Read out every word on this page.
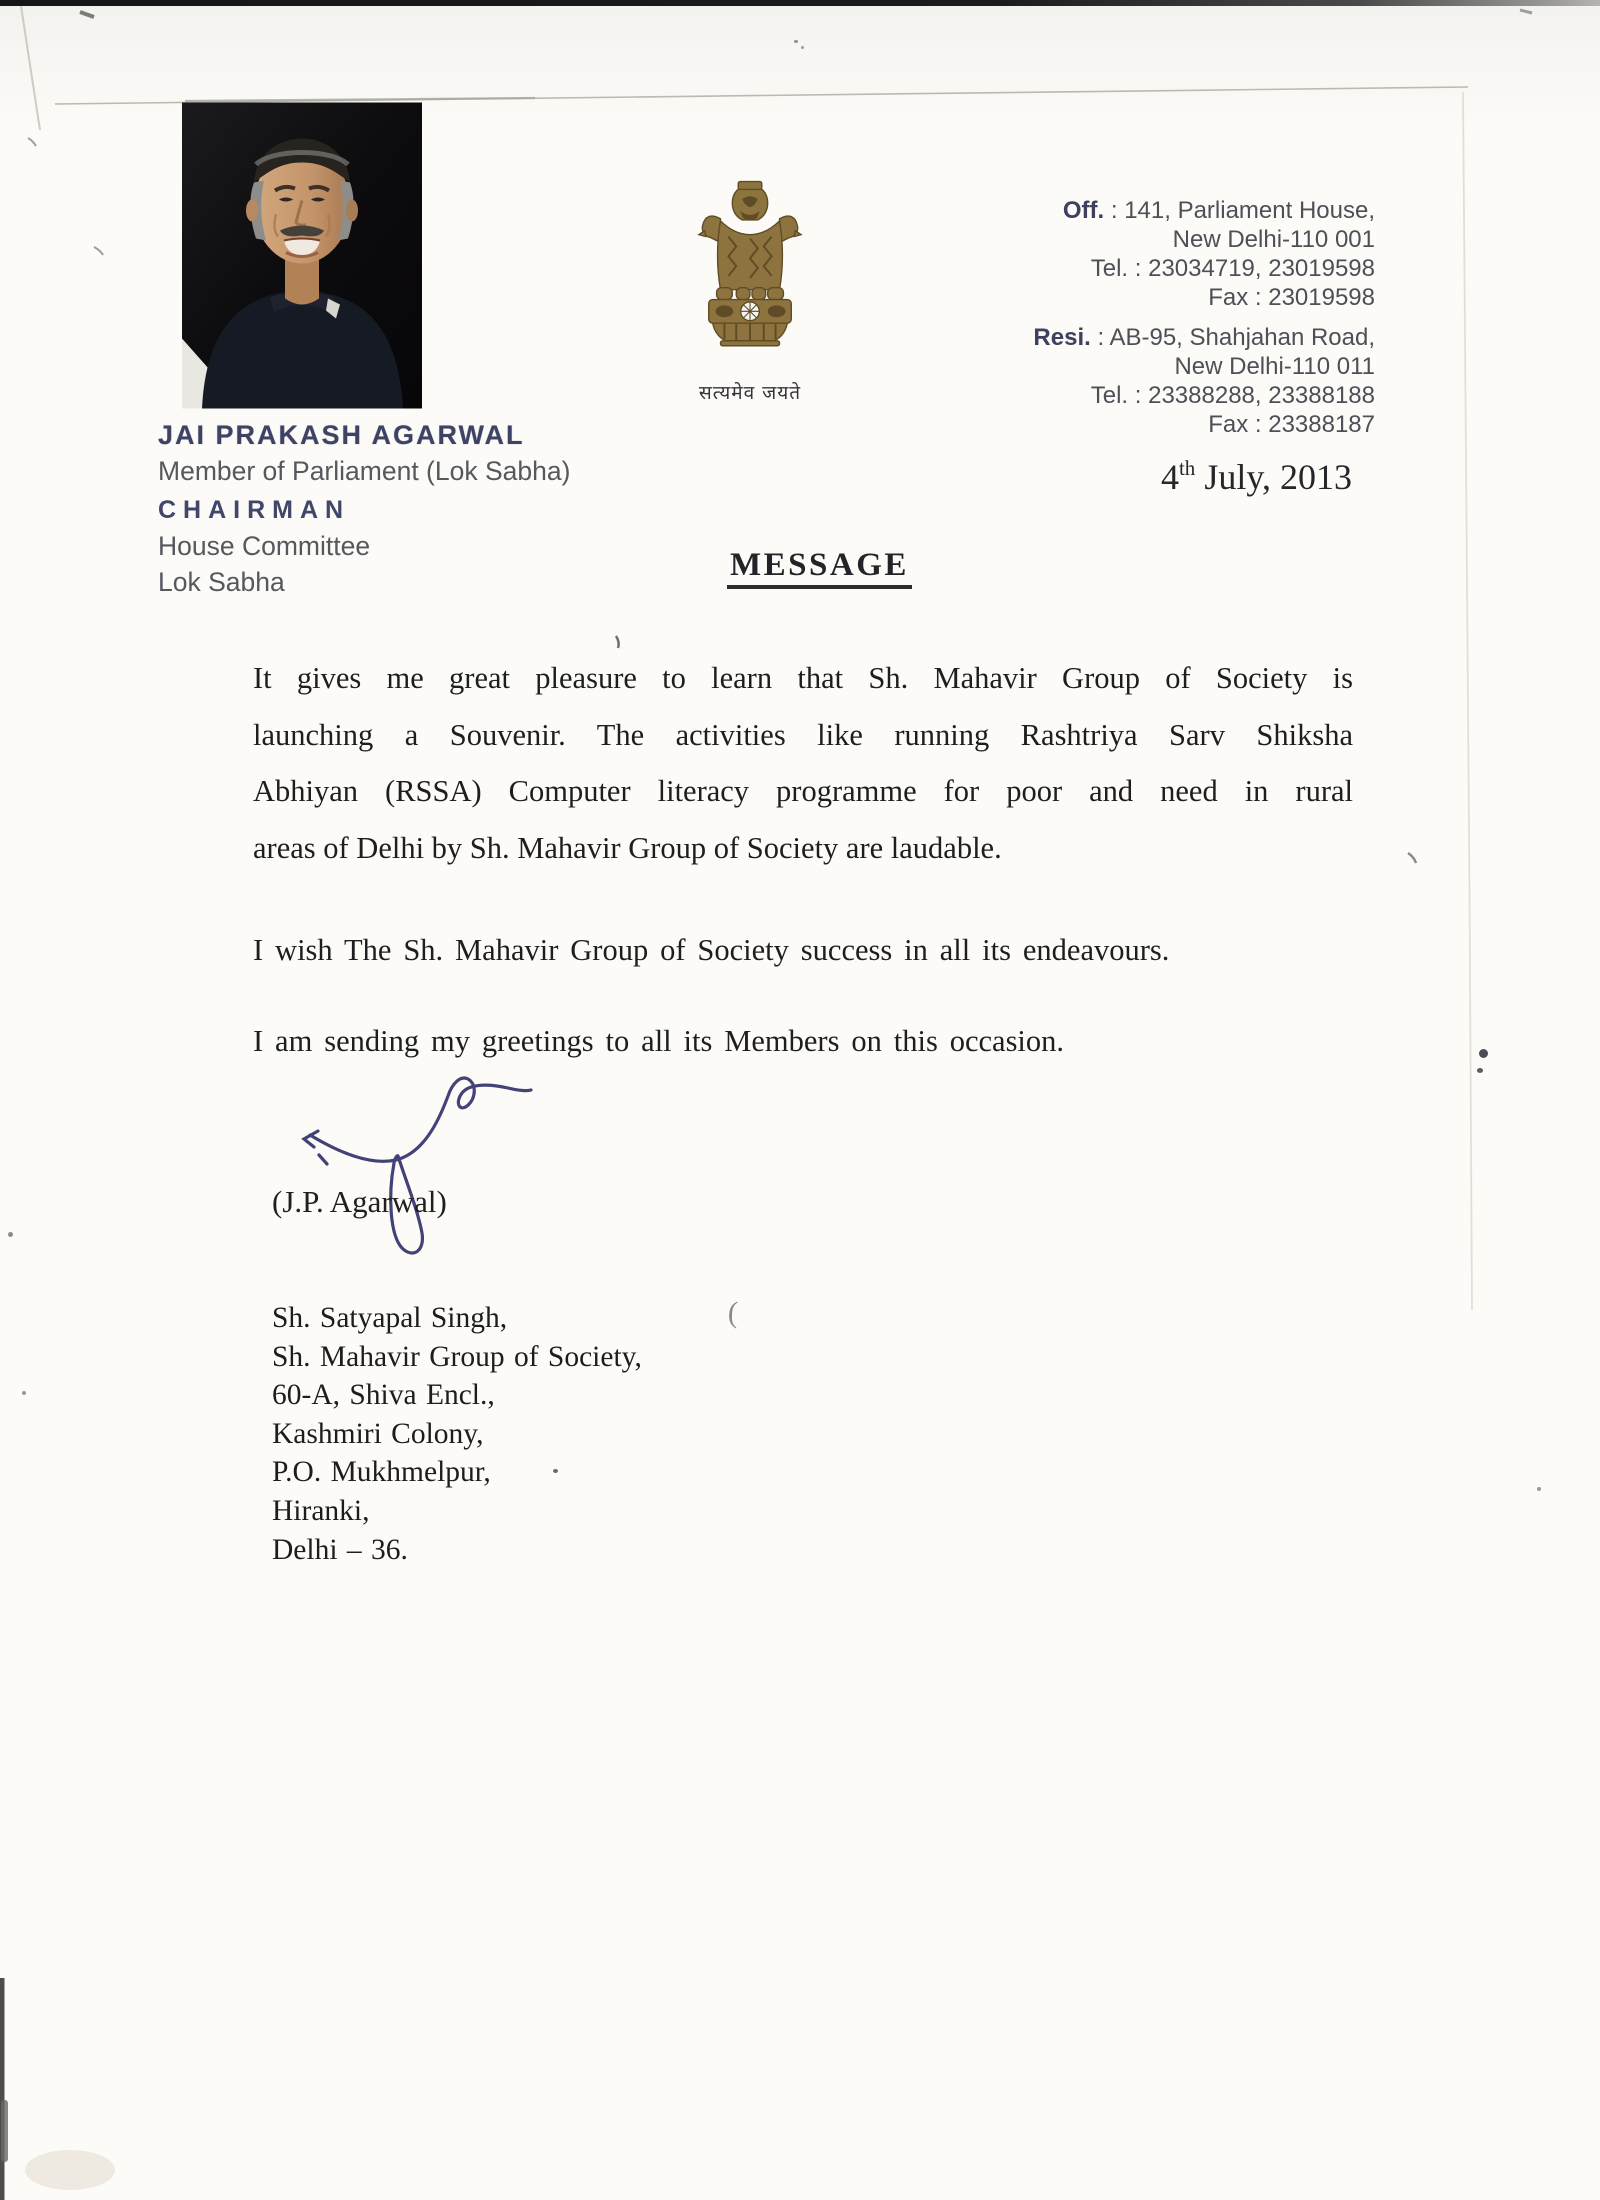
(
JAI PRAKASH AGARWAL
Member of Parliament (Lok Sabha)
CHAIRMAN
House Committee
Lok Sabha
सत्यमेव जयते
Off. : 141, Parliament House,
New Delhi-110 001
Tel. : 23034719, 23019598
Fax : 23019598
Resi. : AB-95, Shahjahan Road,
New Delhi-110 011
Tel. : 23388288, 23388188
Fax : 23388187
4th July, 2013
MESSAGE
It gives me great pleasure to learn that Sh. Mahavir Group of Society is
launching a Souvenir. The activities like running Rashtriya Sarv Shiksha
Abhiyan (RSSA) Computer literacy programme for poor and need in rural
areas of Delhi by Sh. Mahavir Group of Society are laudable.
I wish The Sh. Mahavir Group of Society success in all its endeavours.
I am sending my greetings to all its Members on this occasion.
(J.P. Agarwal)
Sh. Satyapal Singh,
Sh. Mahavir Group of Society,
60-A, Shiva Encl.,
Kashmiri Colony,
P.O. Mukhmelpur,
Hiranki,
Delhi – 36.
